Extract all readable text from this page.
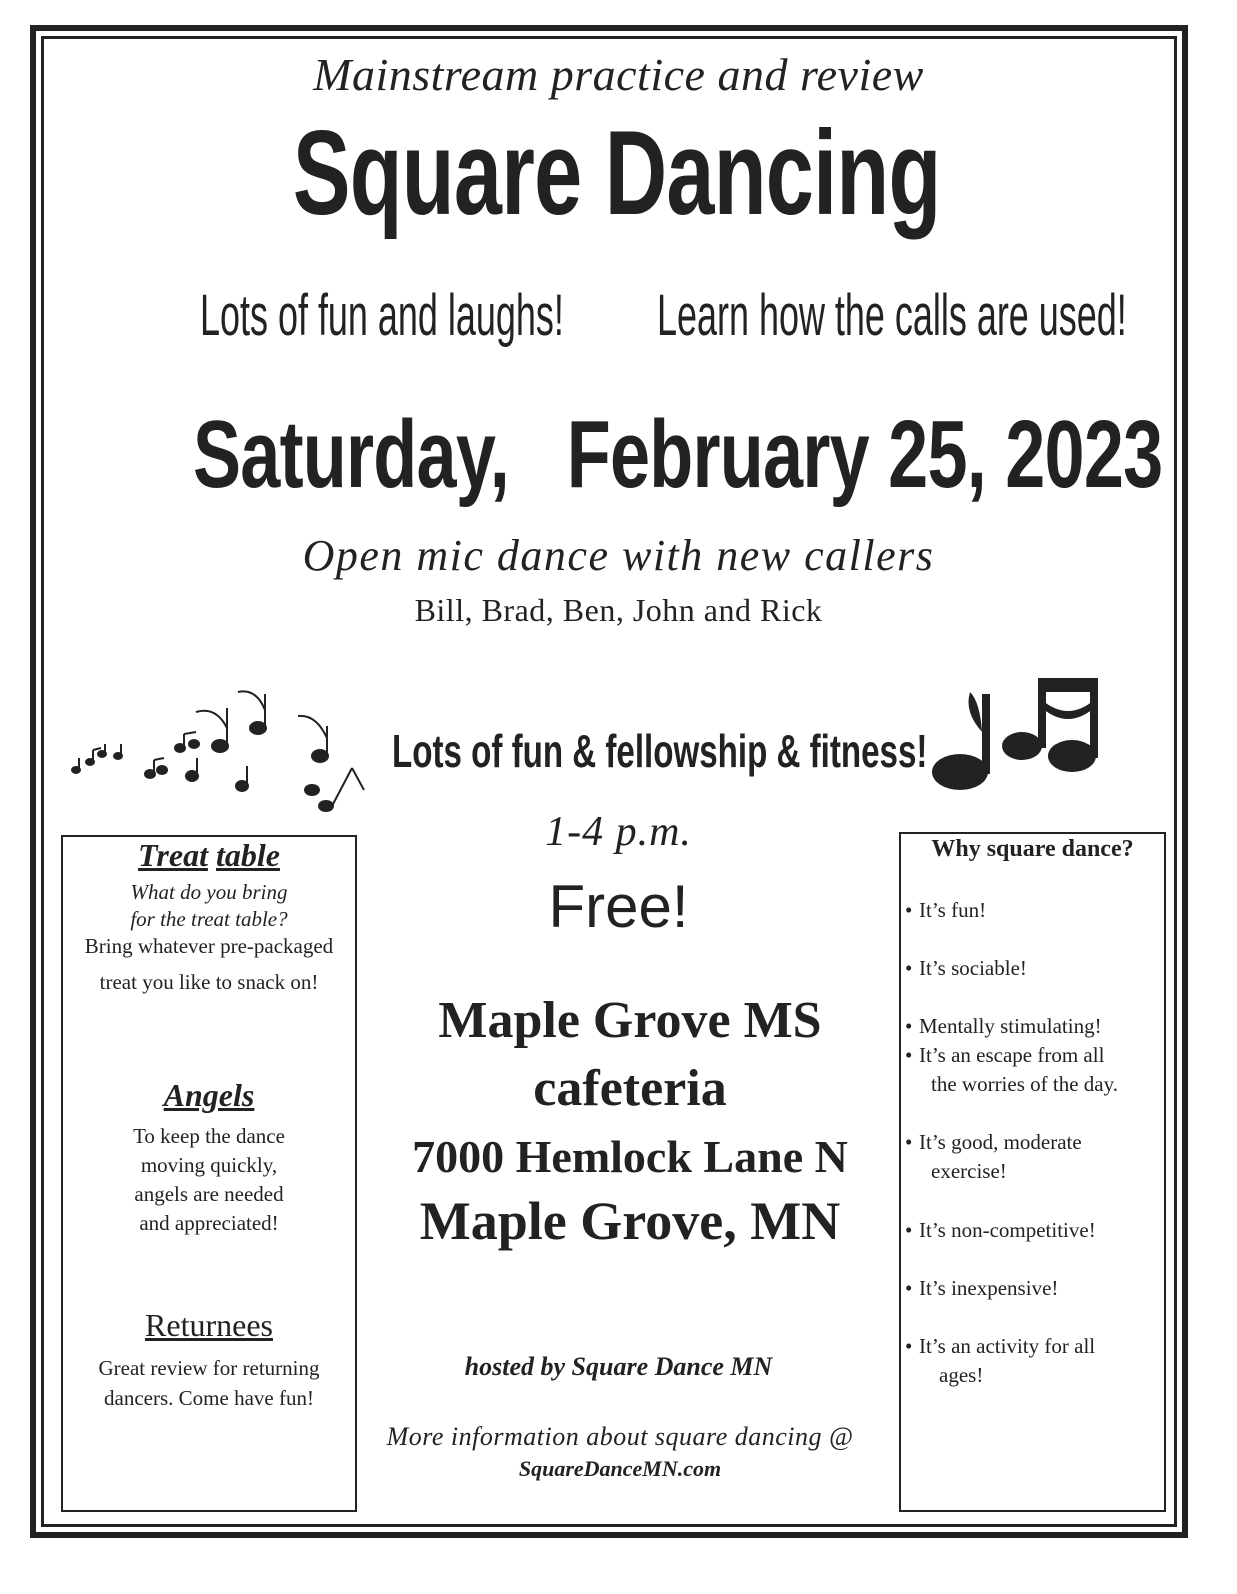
Mainstream practice and review
Square Dancing
Lots of fun and laughs! Learn how the calls are used!
Saturday,   February 25, 2023
Open mic dance with new callers
Bill, Brad, Ben, John and Rick
Lots of fun & fellowship & fitness!
1-4 p.m.
Free!
Maple Grove MS
cafeteria
7000 Hemlock Lane N
Maple Grove, MN
hosted by Square Dance MN
More information about square dancing @
SquareDanceMN.com
Treat table
What do you bring
for the treat table?
Bring whatever pre-packaged
treat you like to snack on!
Angels
To keep the dance
moving quickly,
angels are needed
and appreciated!
Returnees
Great review for returning
dancers. Come have fun!
Why square dance?
• It’s fun!
• It’s sociable!
• Mentally stimulating!
• It’s an escape from all
the worries of the day.
• It’s good, moderate
exercise!
• It’s non-competitive!
• It’s inexpensive!
• It’s an activity for all
ages!
